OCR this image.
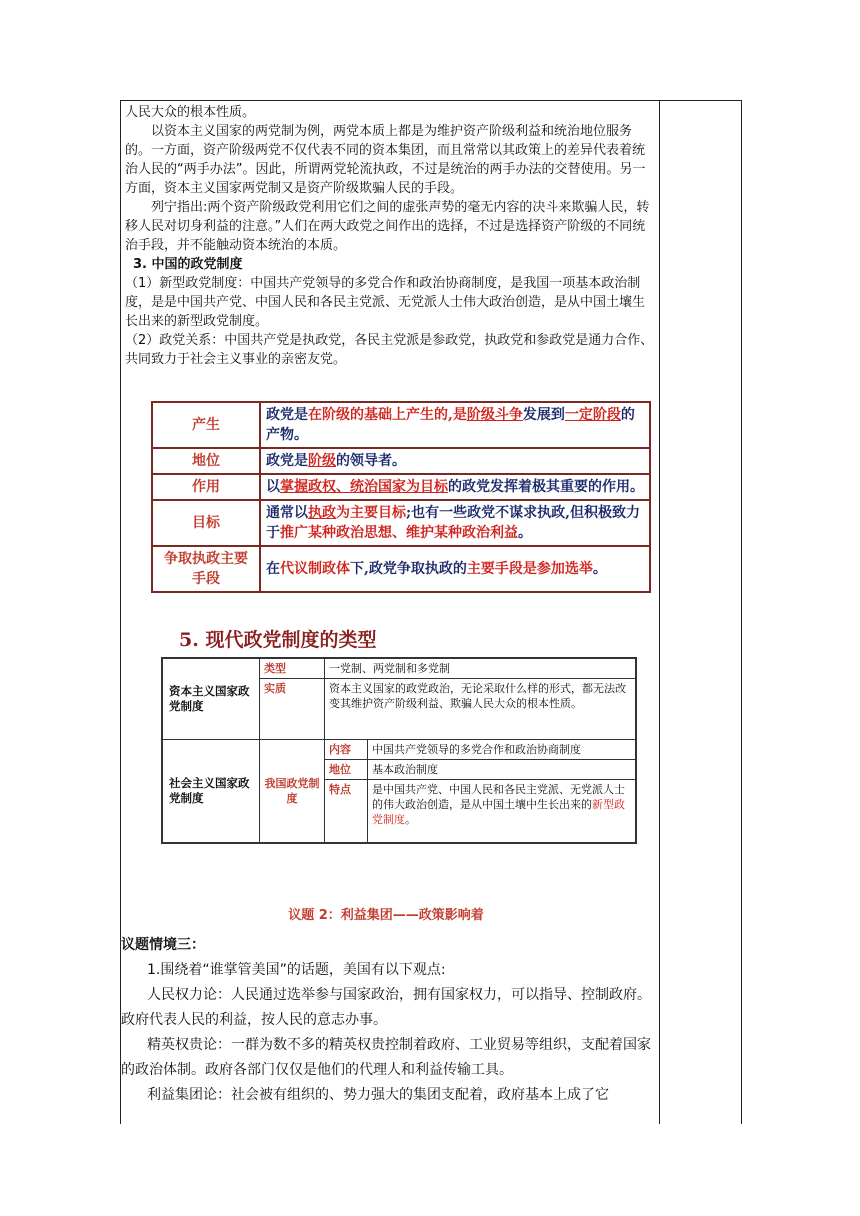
人民大众的根本性质。

以资本主义国家的两党制为例，两党本质上都是为维护资产阶级利益和统治地位服务的。一方面，资产阶级两党不仅代表不同的资本集团，而且常常以其政策上的差异代表着统治人民的“两手办法”。因此，所谓两党轮流执政，不过是统治的两手办法的交替使用。另一方面，资本主义国家两党制又是资产阶级欺骗人民的手段。

列宁指出:两个资产阶级政党利用它们之间的虚张声势的毫无内容的决斗来欺骗人民，转移人民对切身利益的注意。”人们在两大政党之间作出的选择，不过是选择资产阶级的不同统治手段，并不能触动资本统治的本质。

3. 中国的政党制度

（1）新型政党制度：中国共产党领导的多党合作和政治协商制度，是我国一项基本政治制度，是是中国共产党、中国人民和各民主党派、无党派人士伟大政治创造，是从中国土壤生长出来的新型政党制度。

（2）政党关系：中国共产党是执政党，各民主党派是参政党，执政党和参政党是通力合作、共同致力于社会主义事业的亲密友党。

产生	政党是在阶级的基础上产生的,是阶级斗争发展到一定阶段的产物。
地位	政党是阶级的领导者。
作用	以掌握政权、统治国家为目标的政党发挥着极其重要的作用。
目标	通常以执政为主要目标;也有一些政党不谋求执政,但积极致力于推广某种政治思想、维护某种政治利益。
争取执政主要手段	在代议制政体下,政党争取执政的主要手段是参加选举。

5. 现代政党制度的类型

资本主义国家政党制度	类型	一党制、两党制和多党制	
	实质	资本主义国家的政党政治，无论采取什么样的形式，都无法改变其维护资产阶级利益、欺骗人民大众的根本性质。	
社会主义国家政党制度	我国政党制度	内容	中国共产党领导的多党合作和政治协商制度
		地位	基本政治制度
		特点	是中国共产党、中国人民和各民主党派、无党派人士的伟大政治创造，是从中国土壤中生长出来的新型政党制度。

议题 2：利益集团——政策影响着

议题情境三：

1.围绕着“谁掌管美国”的话题，美国有以下观点:

人民权力论：人民通过选举参与国家政治，拥有国家权力，可以指导、控制政府。政府代表人民的利益，按人民的意志办事。

精英权贵论：一群为数不多的精英权贵控制着政府、工业贸易等组织，支配着国家的政治体制。政府各部门仅仅是他们的代理人和利益传输工具。

利益集团论：社会被有组织的、势力强大的集团支配着，政府基本上成了它
